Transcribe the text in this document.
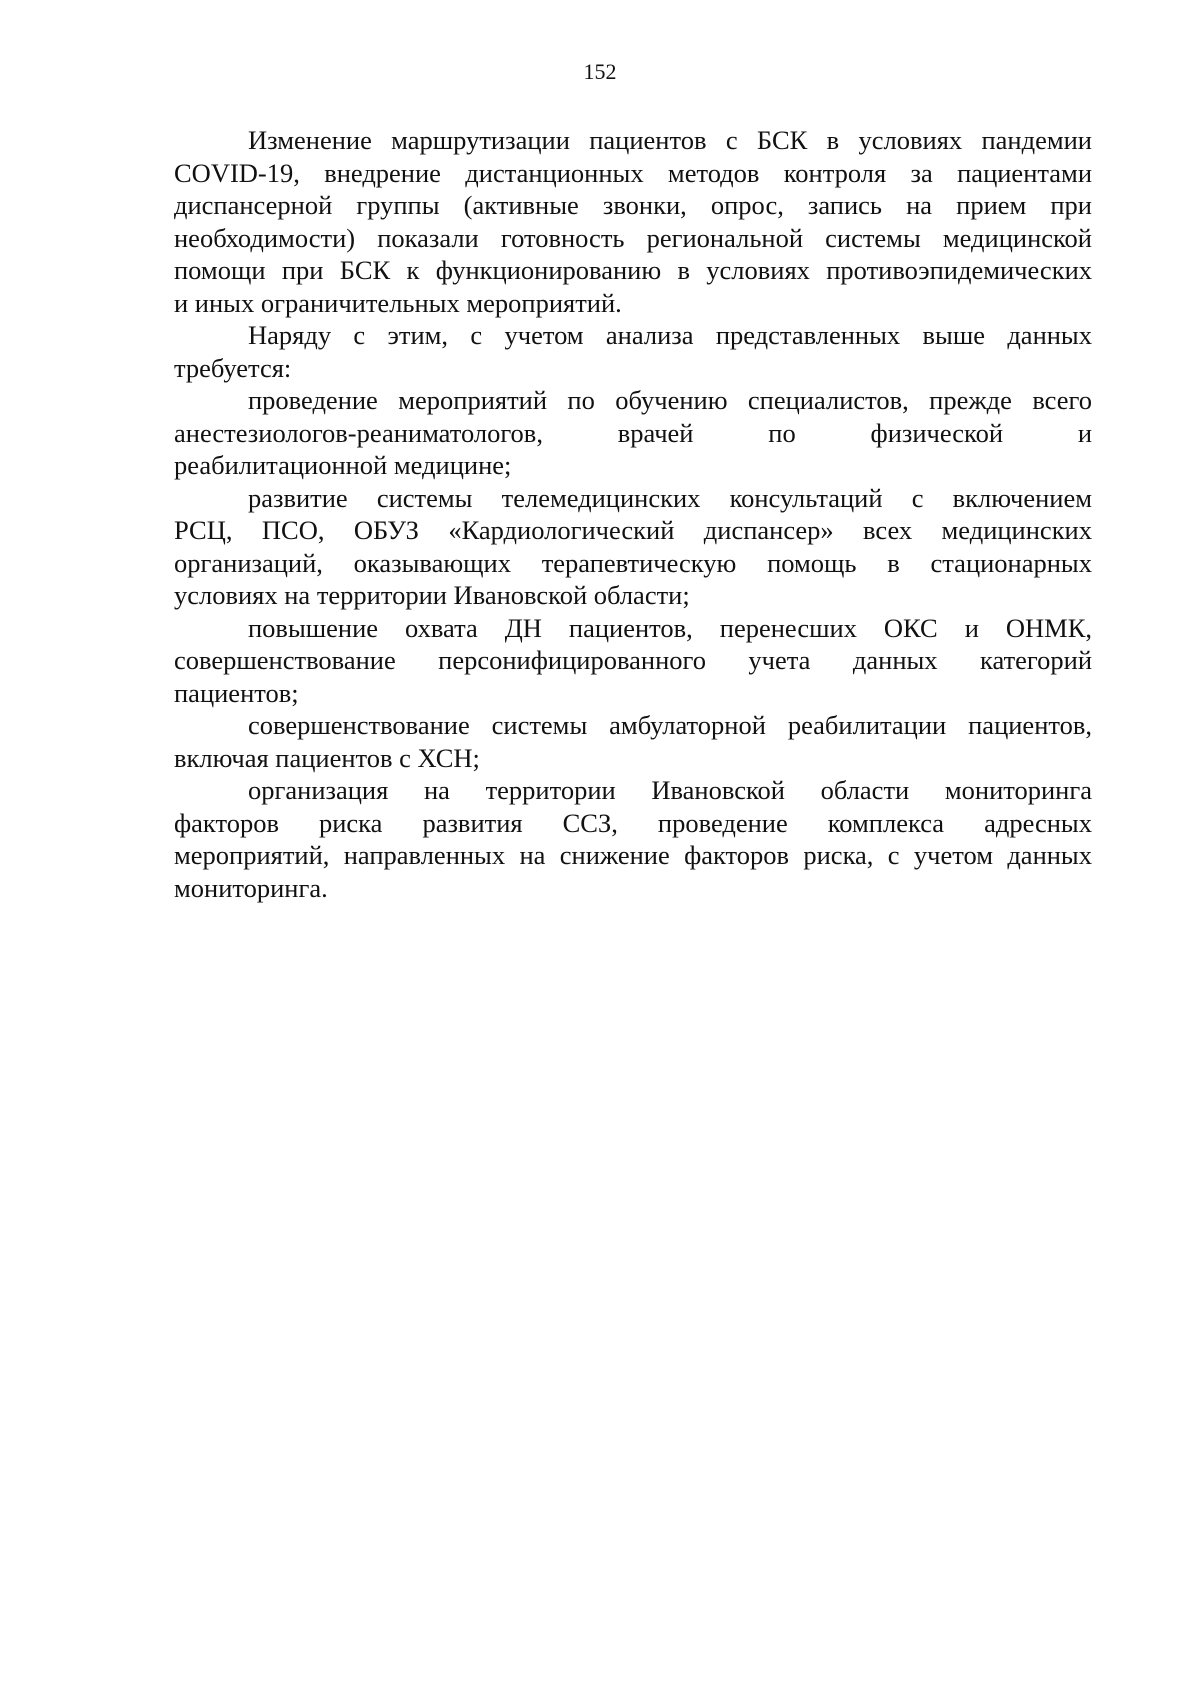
152
Изменение маршрутизации пациентов с БСК в условиях пандемии
COVID-19, внедрение дистанционных методов контроля за пациентами
диспансерной группы (активные звонки, опрос, запись на прием при
необходимости) показали готовность региональной системы медицинской
помощи при БСК к функционированию в условиях противоэпидемических
и иных ограничительных мероприятий.
Наряду с этим, с учетом анализа представленных выше данных
требуется:
проведение мероприятий по обучению специалистов, прежде всего
анестезиологов-реаниматологов, врачей по физической и
реабилитационной медицине;
развитие системы телемедицинских консультаций с включением
РСЦ, ПСО, ОБУЗ «Кардиологический диспансер» всех медицинских
организаций, оказывающих терапевтическую помощь в стационарных
условиях на территории Ивановской области;
повышение охвата ДН пациентов, перенесших ОКС и ОНМК,
совершенствование персонифицированного учета данных категорий
пациентов;
совершенствование системы амбулаторной реабилитации пациентов,
включая пациентов с ХСН;
организация на территории Ивановской области мониторинга
факторов риска развития ССЗ, проведение комплекса адресных
мероприятий, направленных на снижение факторов риска, с учетом данных
мониторинга.
